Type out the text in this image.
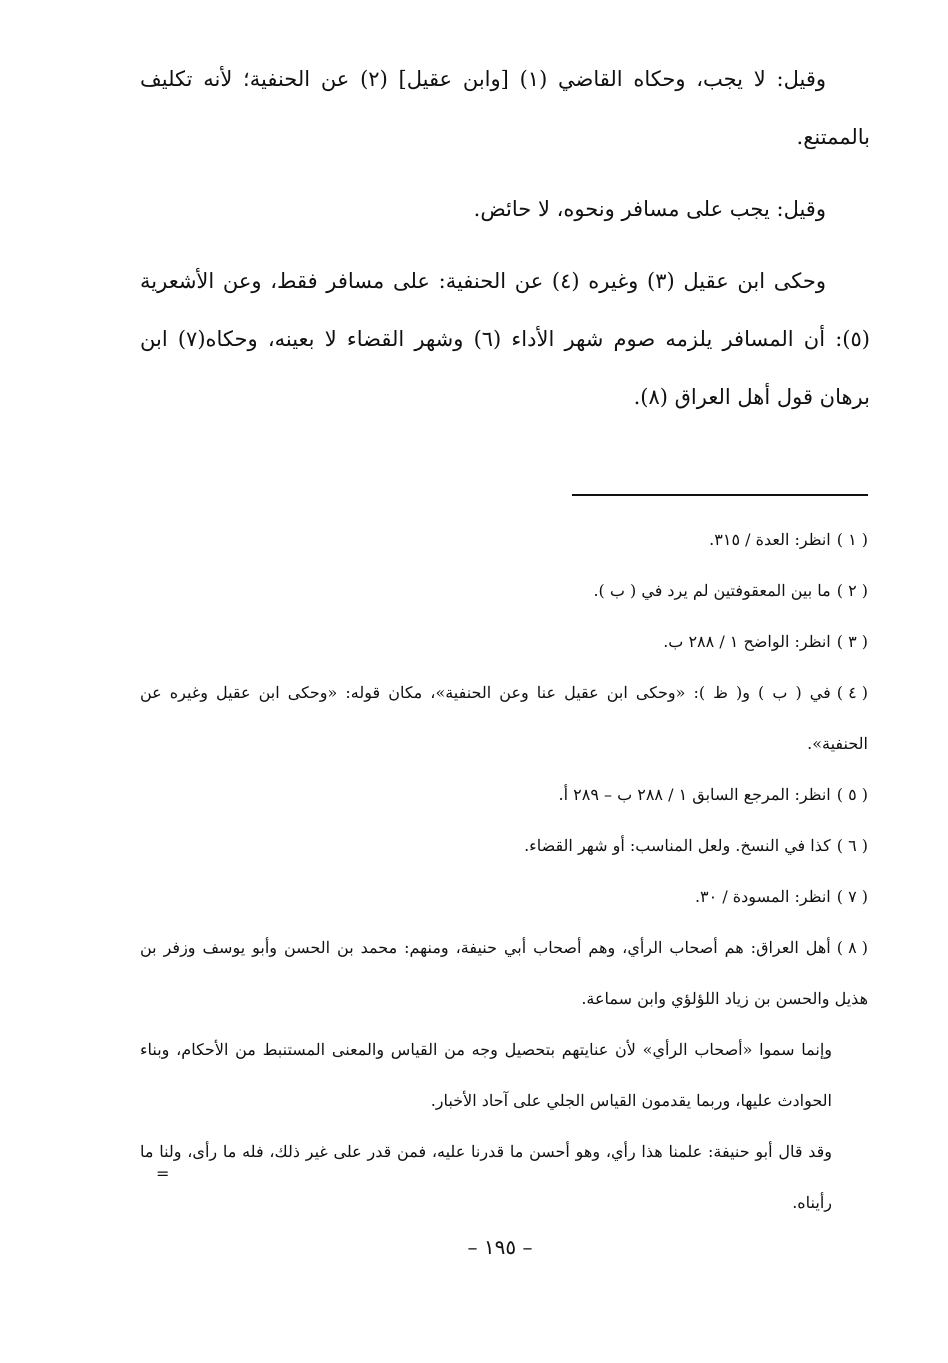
وقيل: لا يجب، وحكاه القاضي (١) [وابن عقيل] (٢) عن الحنفية؛ لأنه تكليف بالممتنع.

وقيل: يجب على مسافر ونحوه، لا حائض.

وحكى ابن عقيل (٣) وغيره (٤) عن الحنفية: على مسافر فقط، وعن الأشعرية (٥): أن المسافر يلزمه صوم شهر الأداء (٦) وشهر القضاء لا بعينه، وحكاه(٧) ابن برهان قول أهل العراق (٨).

( ١ )انظر: العدة / ٣١٥.

( ٢ )ما بين المعقوفتين لم يرد في ( ب ).

( ٣ )انظر: الواضح ١ / ٢٨٨ ب.

( ٤ )في ( ب ) و( ظ ): «وحكى ابن عقيل عنا وعن الحنفية»، مكان قوله: «وحكى ابن عقيل وغيره عن الحنفية».

( ٥ )انظر: المرجع السابق ١ / ٢٨٨ ب – ٢٨٩ أ.

( ٦ )كذا في النسخ. ولعل المناسب: أو شهر القضاء.

( ٧ )انظر: المسودة / ٣٠.

( ٨ )أهل العراق: هم أصحاب الرأي، وهم أصحاب أبي حنيفة، ومنهم: محمد بن الحسن وأبو يوسف وزفر بن هذيل والحسن بن زياد اللؤلؤي وابن سماعة.

وإنما سموا «أصحاب الرأي» لأن عنايتهم بتحصيل وجه من القياس والمعنى المستنبط من الأحكام، وبناء الحوادث عليها، وربما يقدمون القياس الجلي على آحاد الأخبار.

وقد قال أبو حنيفة: علمنا هذا رأي، وهو أحسن ما قدرنا عليه، فمن قدر على غير ذلك، فله ما رأى، ولنا ما رأيناه.

=
– ١٩٥ –
